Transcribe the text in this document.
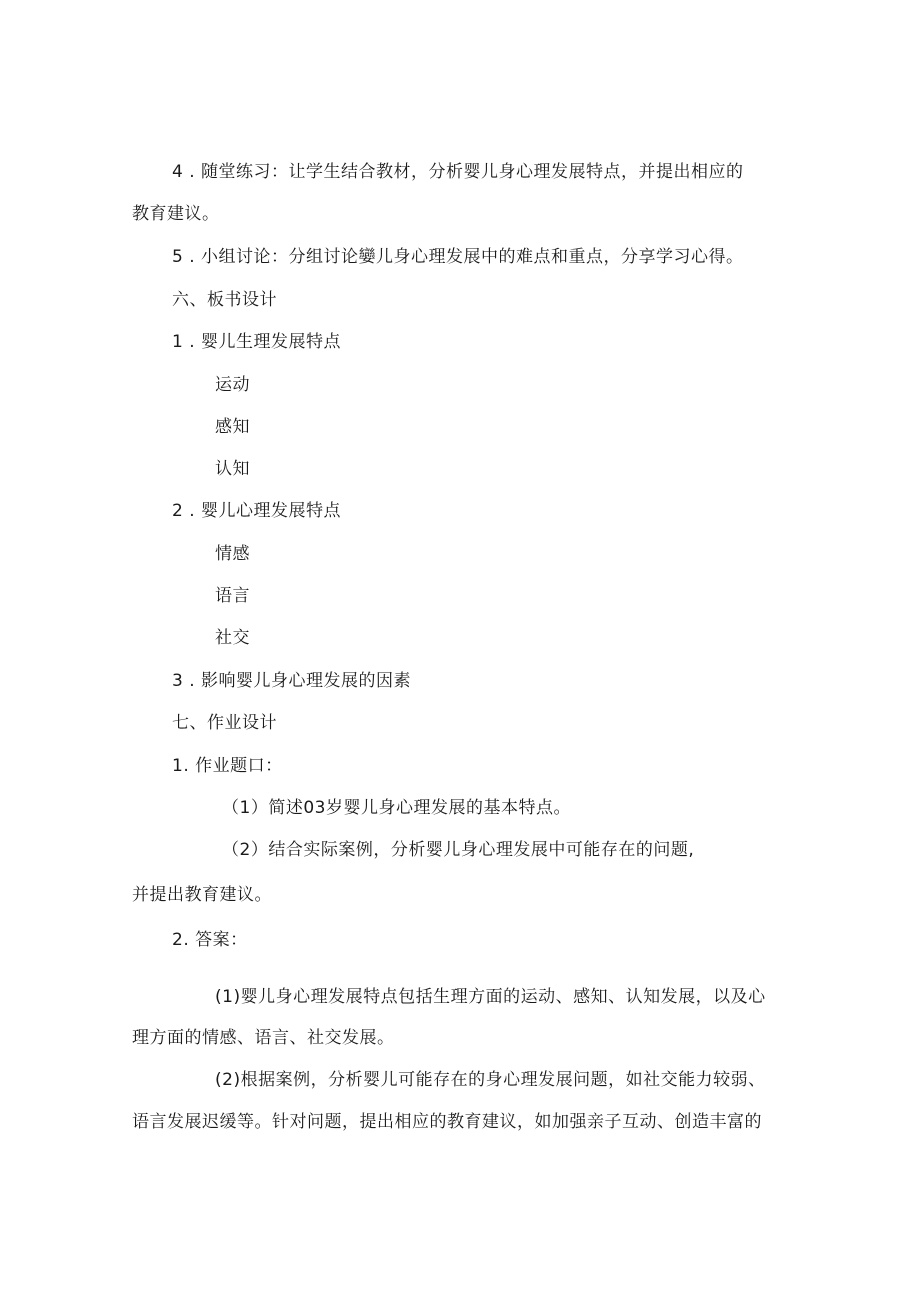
4 . 随堂练习：让学生结合教材，分析婴儿身心理发展特点，并提出相应的
教育建议。
5 . 小组讨论：分组讨论孌儿身心理发展中的难点和重点，分享学习心得。
六、板书设计
1 . 婴儿生理发展特点
运动
感知
认知
2 . 婴儿心理发展特点
情感
语言
社交
3 . 影响婴儿身心理发展的因素
七、作业设计
1. 作业题口：
（1）简述03岁婴儿身心理发展的基本特点。
（2）结合实际案例，分析婴儿身心理发展中可能存在的问题,
并提出教育建议。
2. 答案：
(1)婴儿身心理发展特点包括生理方面的运动、感知、认知发展，以及心
理方面的情感、语言、社交发展。
(2)根据案例，分析婴儿可能存在的身心理发展问题，如社交能力较弱、
语言发展迟缓等。针对问题，提出相应的教育建议，如加强亲子互动、创造丰富的
